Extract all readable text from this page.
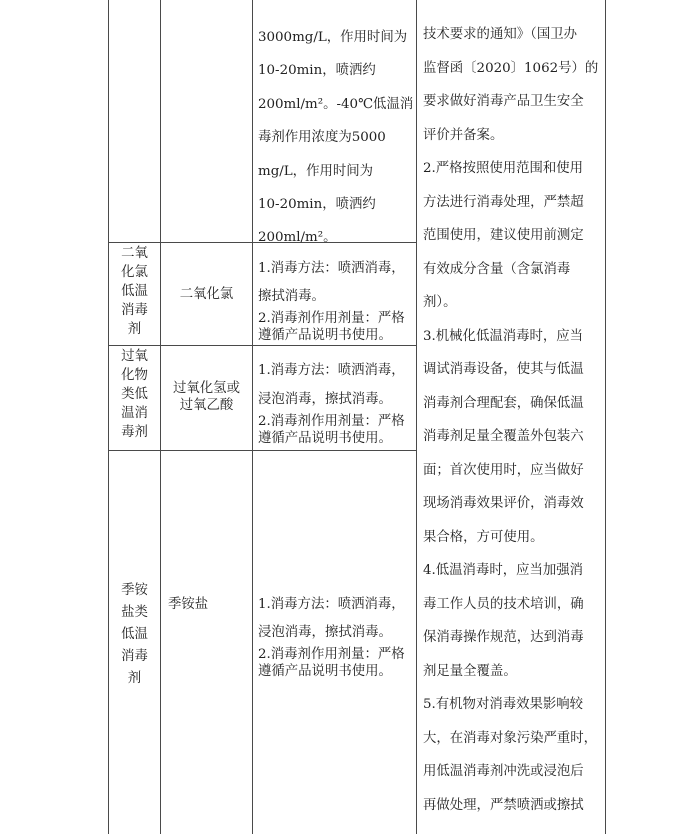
3000mg/L，作用时间为
10-20min，喷洒约
200ml/m²。-40℃低温消
毒剂作用浓度为5000
mg/L，作用时间为
10-20min，喷洒约
200ml/m²。
二氧
化氯
低温
消毒
剂
二氧化氯
1.消毒方法：喷洒消毒，
擦拭消毒。
2.消毒剂作用剂量：严格
遵循产品说明书使用。
过氧
化物
类低
温消
毒剂
过氧化氢或
过氧乙酸
1.消毒方法：喷洒消毒，
浸泡消毒，擦拭消毒。
2.消毒剂作用剂量：严格
遵循产品说明书使用。
季铵
盐类
低温
消毒
剂
季铵盐	1.消毒方法：喷洒消毒，
浸泡消毒，擦拭消毒。
2.消毒剂作用剂量：严格
遵循产品说明书使用。
技术要求的通知》（国卫办
监督函〔2020〕1062号）的
要求做好消毒产品卫生安全
评价并备案。
2.严格按照使用范围和使用
方法进行消毒处理，严禁超
范围使用，建议使用前测定
有效成分含量（含氯消毒
剂）。
3.机械化低温消毒时，应当
调试消毒设备，使其与低温
消毒剂合理配套，确保低温
消毒剂足量全覆盖外包装六
面；首次使用时，应当做好
现场消毒效果评价，消毒效
果合格，方可使用。
4.低温消毒时，应当加强消
毒工作人员的技术培训，确
保消毒操作规范，达到消毒
剂足量全覆盖。
5.有机物对消毒效果影响较
大，在消毒对象污染严重时，
用低温消毒剂冲洗或浸泡后
再做处理，严禁喷洒或擦拭
